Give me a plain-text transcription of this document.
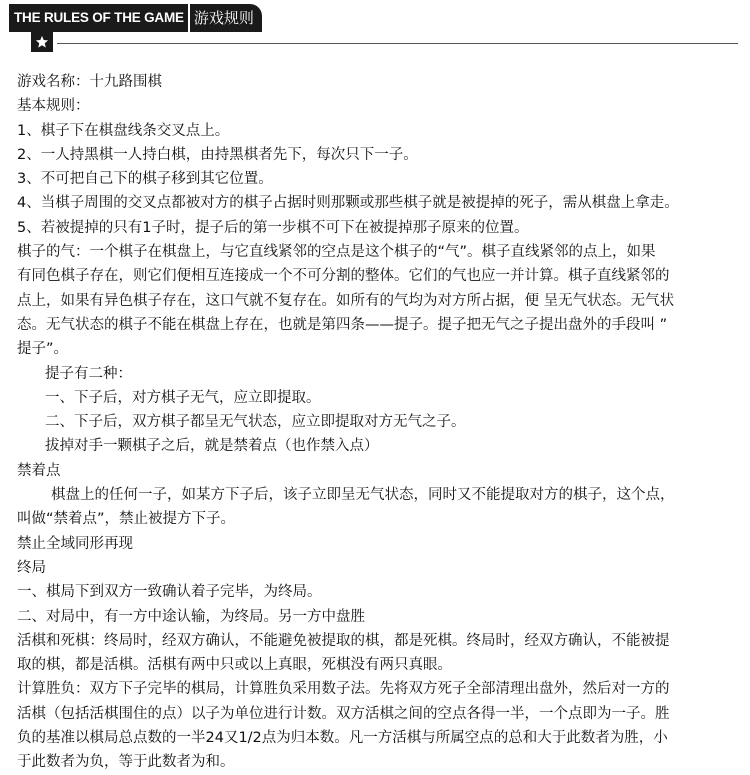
THE RULES OF THE GAME 游戏规则

游戏名称：十九路围棋

基本规则：

1、棋子下在棋盘线条交叉点上。

2、一人持黑棋一人持白棋，由持黑棋者先下，每次只下一子。

3、不可把自己下的棋子移到其它位置。

4、当棋子周围的交叉点都被对方的棋子占据时则那颗或那些棋子就是被提掉的死子，需从棋盘上拿走。

5、若被提掉的只有1子时，提子后的第一步棋不可下在被提掉那子原来的位置。

棋子的气：一个棋子在棋盘上，与它直线紧邻的空点是这个棋子的“气”。棋子直线紧邻的点上，如果

有同色棋子存在，则它们便相互连接成一个不可分割的整体。它们的气也应一并计算。棋子直线紧邻的

点上，如果有异色棋子存在，这口气就不复存在。如所有的气均为对方所占据，便 呈无气状态。无气状

态。无气状态的棋子不能在棋盘上存在，也就是第四条——提子。提子把无气之子提出盘外的手段叫 ”

提子”。

提子有二种：

一、下子后，对方棋子无气，应立即提取。

二、下子后，双方棋子都呈无气状态，应立即提取对方无气之子。

拔掉对手一颗棋子之后，就是禁着点（也作禁入点）

禁着点

棋盘上的任何一子，如某方下子后，该子立即呈无气状态，同时又不能提取对方的棋子，这个点，

叫做“禁着点”，禁止被提方下子。

禁止全域同形再现

终局

一、棋局下到双方一致确认着子完毕，为终局。

二、对局中，有一方中途认输，为终局。另一方中盘胜

活棋和死棋：终局时，经双方确认，不能避免被提取的棋，都是死棋。终局时，经双方确认，不能被提

取的棋，都是活棋。活棋有两中只或以上真眼，死棋没有两只真眼。

计算胜负：双方下子完毕的棋局，计算胜负采用数子法。先将双方死子全部清理出盘外，然后对一方的

活棋（包括活棋围住的点）以子为单位进行计数。双方活棋之间的空点各得一半，一个点即为一子。胜

负的基准以棋局总点数的一半24又1/2点为归本数。凡一方活棋与所属空点的总和大于此数者为胜，小

于此数者为负，等于此数者为和。
